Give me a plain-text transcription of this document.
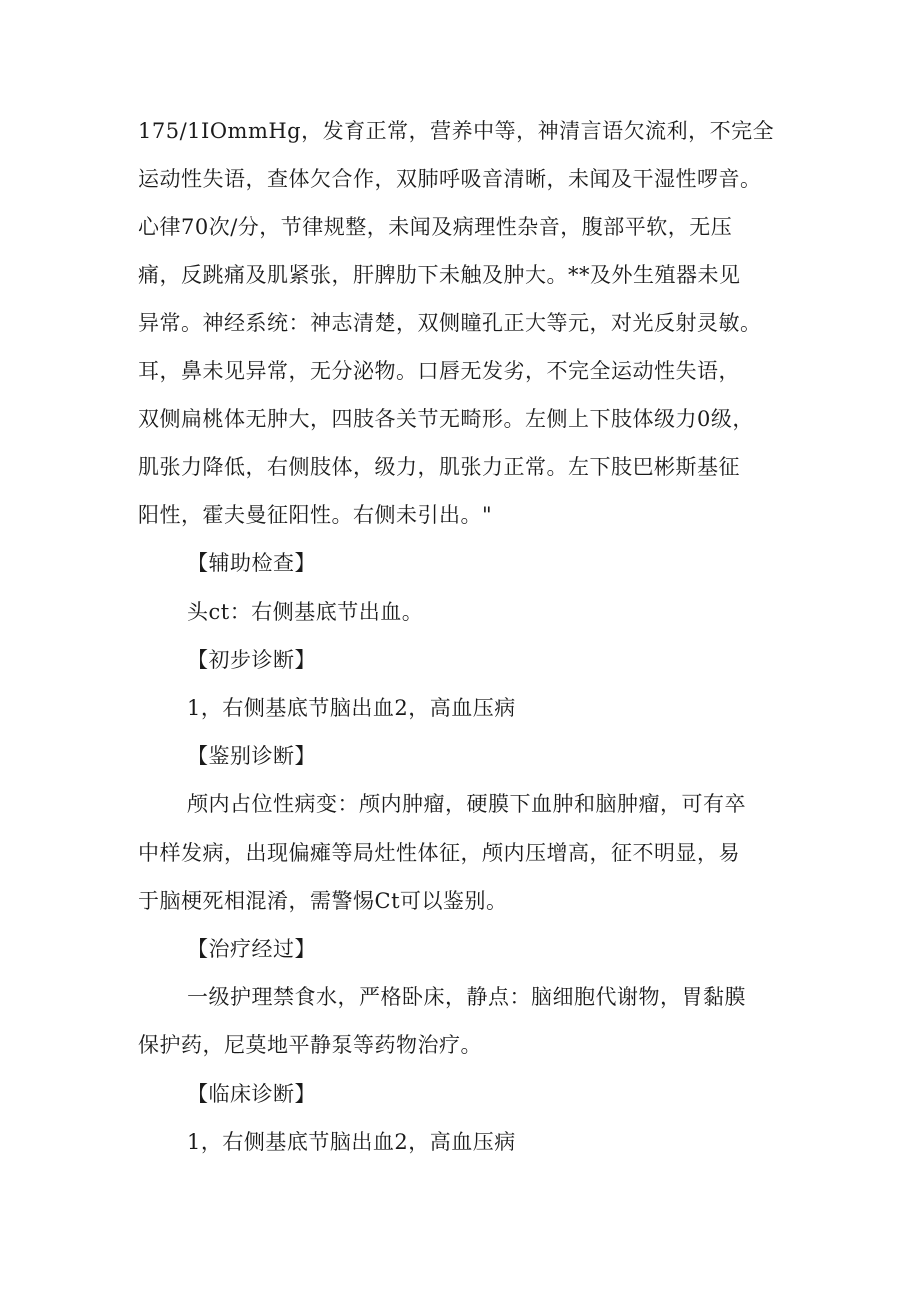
175/1IOmmHg，发育正常，营养中等，神清言语欠流利，不完全
运动性失语，查体欠合作，双肺呼吸音清晰，未闻及干湿性啰音。
心律70次/分，节律规整，未闻及病理性杂音，腹部平软，无压
痛，反跳痛及肌紧张，肝脾肋下未触及肿大。**及外生殖器未见
异常。神经系统：神志清楚，双侧瞳孔正大等元，对光反射灵敏。
耳，鼻未见异常，无分泌物。口唇无发劣，不完全运动性失语，
双侧扁桃体无肿大，四肢各关节无畸形。左侧上下肢体级力0级，
肌张力降低，右侧肢体，级力，肌张力正常。左下肢巴彬斯基征
阳性，霍夫曼征阳性。右侧未引出。"
【辅助检查】
头ct：右侧基底节出血。
【初步诊断】
1，右侧基底节脑出血2，高血压病
【鉴别诊断】
颅内占位性病变：颅内肿瘤，硬膜下血肿和脑肿瘤，可有卒
中样发病，出现偏瘫等局灶性体征，颅内压增高，征不明显，易
于脑梗死相混淆，需警惕Ct可以鉴别。
【治疗经过】
一级护理禁食水，严格卧床，静点：脑细胞代谢物，胃黏膜
保护药，尼莫地平静泵等药物治疗。
【临床诊断】
1，右侧基底节脑出血2，高血压病
